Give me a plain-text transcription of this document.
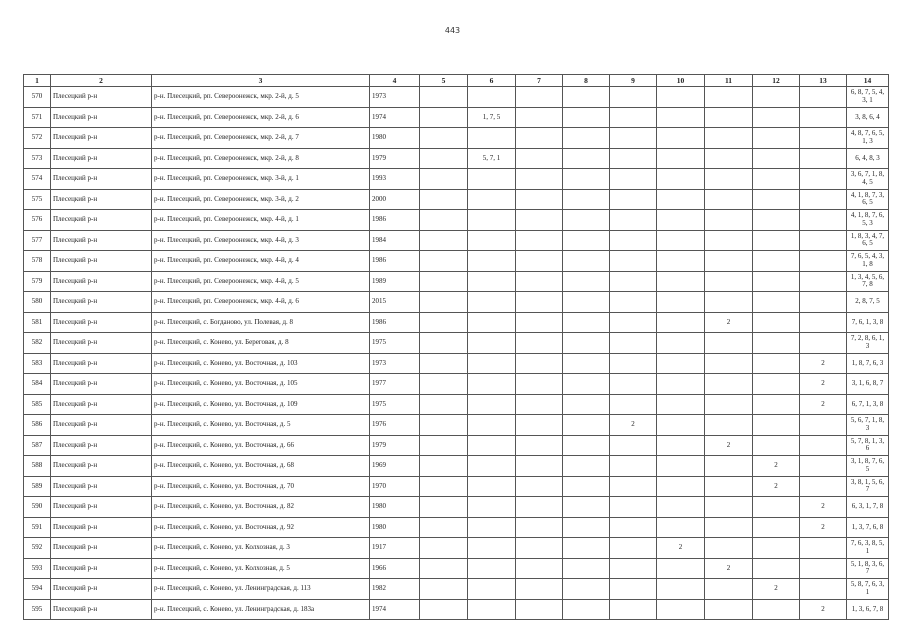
443
1	2	3	4	5	6	7	8	9	10	11	12	13	14
570	Плесецкий р-н	р-н. Плесецкий, рп. Североонежск, мкр. 2-й, д. 5	1973										6, 8, 7, 5, 4, 3, 1
571	Плесецкий р-н	р-н. Плесецкий, рп. Североонежск, мкр. 2-й, д. 6	1974		1, 7, 5								3, 8, 6, 4
572	Плесецкий р-н	р-н. Плесецкий, рп. Североонежск, мкр. 2-й, д. 7	1980										4, 8, 7, 6, 5, 1, 3
573	Плесецкий р-н	р-н. Плесецкий, рп. Североонежск, мкр. 2-й, д. 8	1979		5, 7, 1								6, 4, 8, 3
574	Плесецкий р-н	р-н. Плесецкий, рп. Североонежск, мкр. 3-й, д. 1	1993										3, 6, 7, 1, 8, 4, 5
575	Плесецкий р-н	р-н. Плесецкий, рп. Североонежск, мкр. 3-й, д. 2	2000										4, 1, 8, 7, 3, 6, 5
576	Плесецкий р-н	р-н. Плесецкий, рп. Североонежск, мкр. 4-й, д. 1	1986										4, 1, 8, 7, 6, 5, 3
577	Плесецкий р-н	р-н. Плесецкий, рп. Североонежск, мкр. 4-й, д. 3	1984										1, 8, 3, 4, 7, 6, 5
578	Плесецкий р-н	р-н. Плесецкий, рп. Североонежск, мкр. 4-й, д. 4	1986										7, 6, 5, 4, 3, 1, 8
579	Плесецкий р-н	р-н. Плесецкий, рп. Североонежск, мкр. 4-й, д. 5	1989										1, 3, 4, 5, 6, 7, 8
580	Плесецкий р-н	р-н. Плесецкий, рп. Североонежск, мкр. 4-й, д. 6	2015										2, 8, 7, 5
581	Плесецкий р-н	р-н. Плесецкий, с. Богданово, ул. Полевая, д. 8	1986							2			7, 6, 1, 3, 8
582	Плесецкий р-н	р-н. Плесецкий, с. Конево, ул. Береговая, д. 8	1975										7, 2, 8, 6, 1, 3
583	Плесецкий р-н	р-н. Плесецкий, с. Конево, ул. Восточная, д. 103	1973									2	1, 8, 7, 6, 3
584	Плесецкий р-н	р-н. Плесецкий, с. Конево, ул. Восточная, д. 105	1977									2	3, 1, 6, 8, 7
585	Плесецкий р-н	р-н. Плесецкий, с. Конево, ул. Восточная, д. 109	1975									2	6, 7, 1, 3, 8
586	Плесецкий р-н	р-н. Плесецкий, с. Конево, ул. Восточная, д. 5	1976					2					5, 6, 7, 1, 8, 3
587	Плесецкий р-н	р-н. Плесецкий, с. Конево, ул. Восточная, д. 66	1979							2			5, 7, 8, 1, 3, 6
588	Плесецкий р-н	р-н. Плесецкий, с. Конево, ул. Восточная, д. 68	1969								2		3, 1, 8, 7, 6, 5
589	Плесецкий р-н	р-н. Плесецкий, с. Конево, ул. Восточная, д. 70	1970								2		3, 8, 1, 5, 6, 7
590	Плесецкий р-н	р-н. Плесецкий, с. Конево, ул. Восточная, д. 82	1980									2	6, 3, 1, 7, 8
591	Плесецкий р-н	р-н. Плесецкий, с. Конево, ул. Восточная, д. 92	1980									2	1, 3, 7, 6, 8
592	Плесецкий р-н	р-н. Плесецкий, с. Конево, ул. Колхозная, д. 3	1917						2				7, 6, 3, 8, 5, 1
593	Плесецкий р-н	р-н. Плесецкий, с. Конево, ул. Колхозная, д. 5	1966							2			5, 1, 8, 3, 6, 7
594	Плесецкий р-н	р-н. Плесецкий, с. Конево, ул. Ленинградская, д. 113	1982								2		5, 8, 7, 6, 3, 1
595	Плесецкий р-н	р-н. Плесецкий, с. Конево, ул. Ленинградская, д. 183а	1974									2	1, 3, 6, 7, 8
